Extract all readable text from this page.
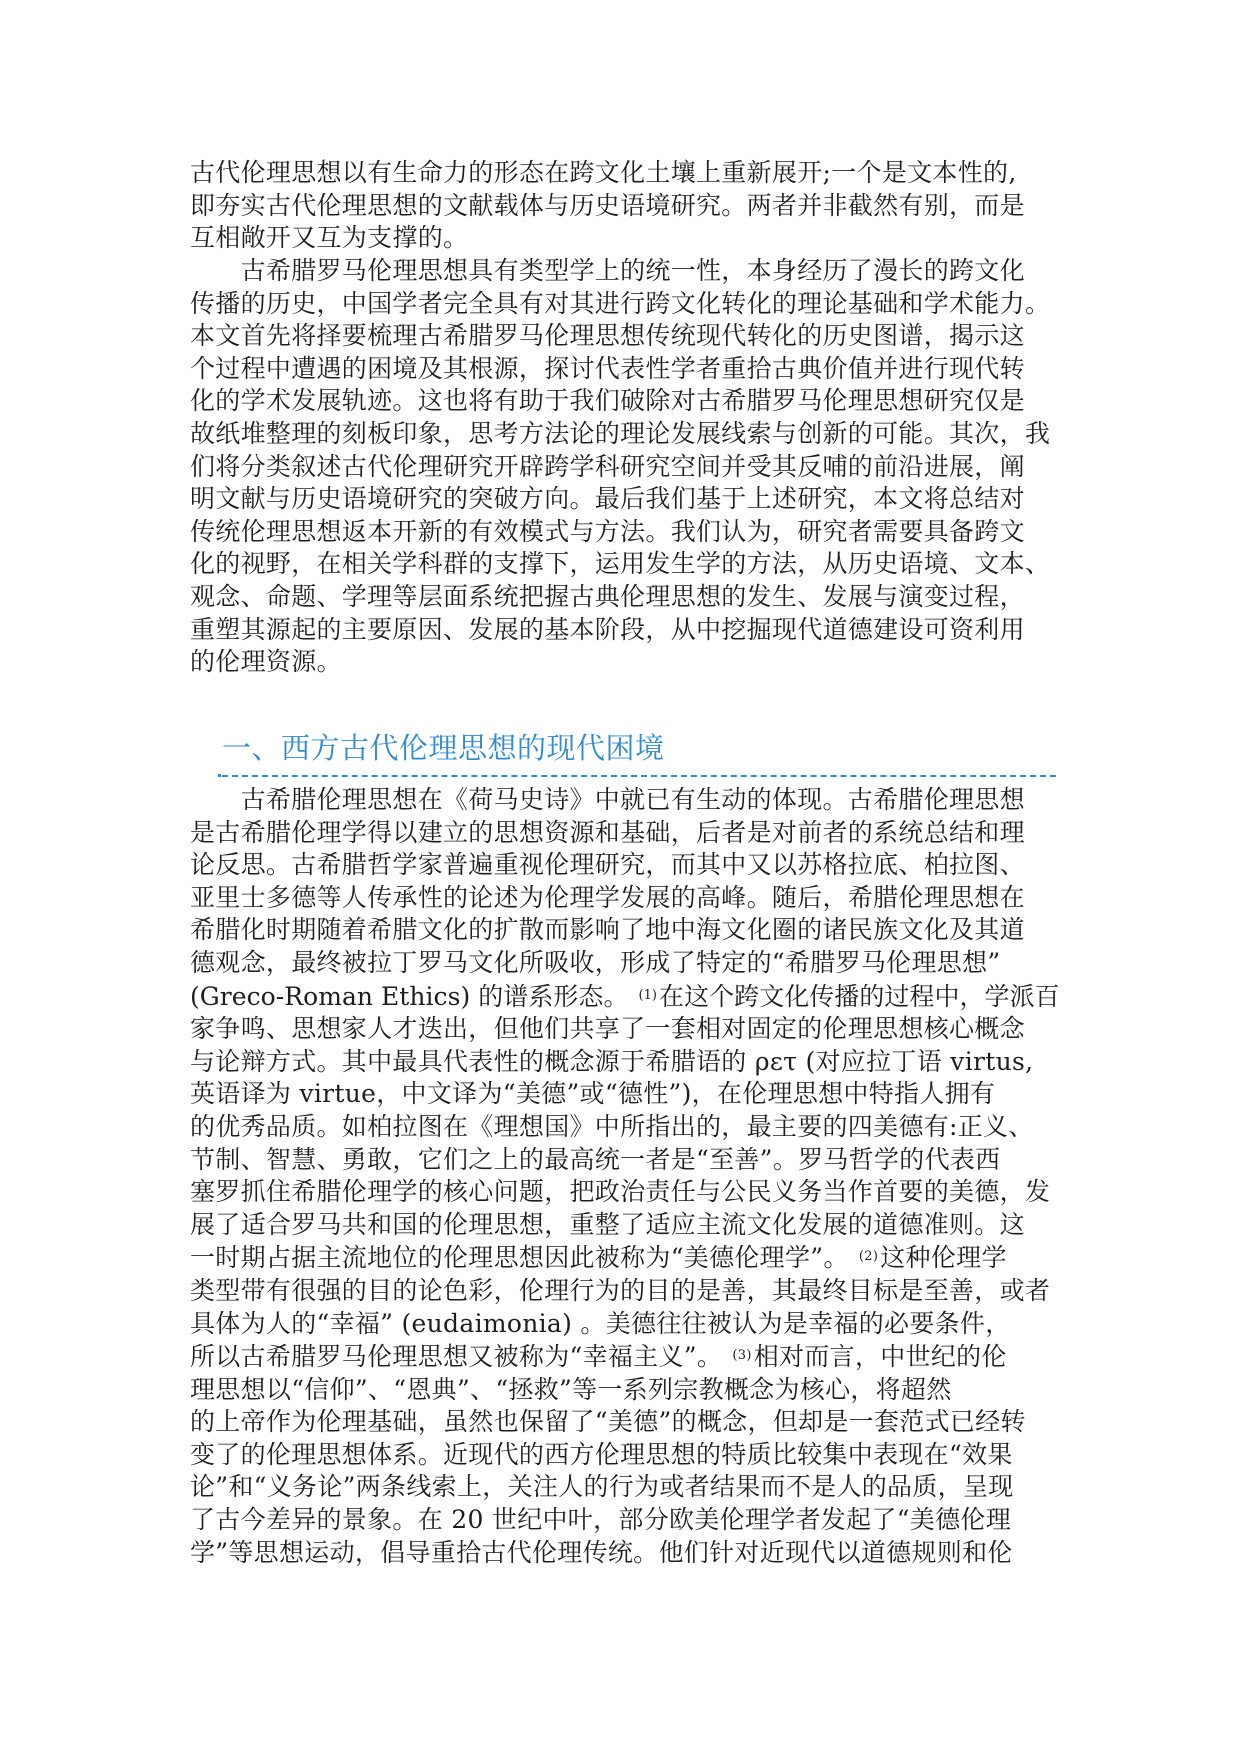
古代伦理思想以有生命力的形态在跨文化土壤上重新展开;一个是文本性的,
即夯实古代伦理思想的文献载体与历史语境研究。两者并非截然有别，而是
互相敞开又互为支撑的。
　　古希腊罗马伦理思想具有类型学上的统一性，本身经历了漫长的跨文化
传播的历史，中国学者完全具有对其进行跨文化转化的理论基础和学术能力。
本文首先将择要梳理古希腊罗马伦理思想传统现代转化的历史图谱，揭示这
个过程中遭遇的困境及其根源，探讨代表性学者重拾古典价值并进行现代转
化的学术发展轨迹。这也将有助于我们破除对古希腊罗马伦理思想研究仅是
故纸堆整理的刻板印象，思考方法论的理论发展线索与创新的可能。其次，我
们将分类叙述古代伦理研究开辟跨学科研究空间并受其反哺的前沿进展，阐
明文献与历史语境研究的突破方向。最后我们基于上述研究，本文将总结对
传统伦理思想返本开新的有效模式与方法。我们认为，研究者需要具备跨文
化的视野，在相关学科群的支撑下，运用发生学的方法，从历史语境、文本、
观念、命题、学理等层面系统把握古典伦理思想的发生、发展与演变过程，
重塑其源起的主要原因、发展的基本阶段，从中挖掘现代道德建设可资利用
的伦理资源。
一、西方古代伦理思想的现代困境
　　古希腊伦理思想在《荷马史诗》中就已有生动的体现。古希腊伦理思想
是古希腊伦理学得以建立的思想资源和基础，后者是对前者的系统总结和理
论反思。古希腊哲学家普遍重视伦理研究，而其中又以苏格拉底、柏拉图、
亚里士多德等人传承性的论述为伦理学发展的高峰。随后，希腊伦理思想在
希腊化时期随着希腊文化的扩散而影响了地中海文化圈的诸民族文化及其道
德观念，最终被拉丁罗马文化所吸收，形成了特定的“希腊罗马伦理思想”
(Greco-Roman Ethics) 的谱系形态。 $^{(1)}$在这个跨文化传播的过程中，学派百
家争鸣、思想家人才迭出，但他们共享了一套相对固定的伦理思想核心概念
与论辩方式。其中最具代表性的概念源于希腊语的 ρετ (对应拉丁语 virtus,
英语译为 virtue，中文译为“美德”或“德性”)，在伦理思想中特指人拥有
的优秀品质。如柏拉图在《理想国》中所指出的，最主要的四美德有:正义、
节制、智慧、勇敢，它们之上的最高统一者是“至善”。罗马哲学的代表西
塞罗抓住希腊伦理学的核心问题，把政治责任与公民义务当作首要的美德，发
展了适合罗马共和国的伦理思想，重整了适应主流文化发展的道德准则。这
一时期占据主流地位的伦理思想因此被称为“美德伦理学”。 $^{(2)}$这种伦理学
类型带有很强的目的论色彩，伦理行为的目的是善，其最终目标是至善，或者
具体为人的“幸福” (eudaimonia) 。美德往往被认为是幸福的必要条件，
所以古希腊罗马伦理思想又被称为“幸福主义”。 $^{(3)}$相对而言，中世纪的伦
理思想以“信仰”、“恩典”、“拯救”等一系列宗教概念为核心，将超然
的上帝作为伦理基础，虽然也保留了“美德”的概念，但却是一套范式已经转
变了的伦理思想体系。近现代的西方伦理思想的特质比较集中表现在“效果
论”和“义务论”两条线索上，关注人的行为或者结果而不是人的品质，呈现
了古今差异的景象。在 20 世纪中叶，部分欧美伦理学者发起了“美德伦理
学”等思想运动，倡导重拾古代伦理传统。他们针对近现代以道德规则和伦
